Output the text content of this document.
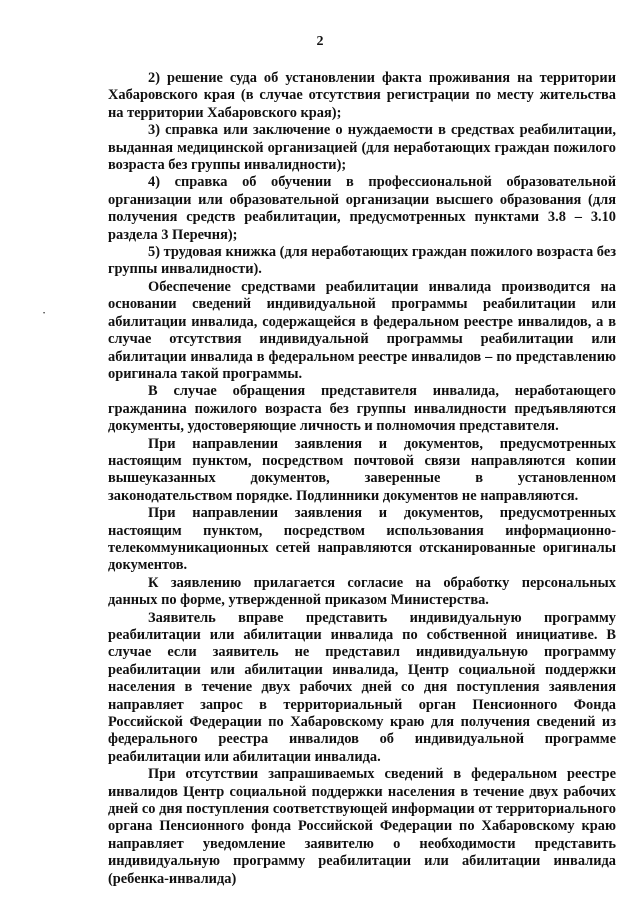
2
·

2) решение суда об установлении факта проживания на территории Хабаровского края (в случае отсутствия регистрации по месту жительства на территории Хабаровского края);

3) справка или заключение о нуждаемости в средствах реабилитации, выданная медицинской организацией (для неработающих граждан пожилого возраста без группы инвалидности);

4) справка об обучении в профессиональной образовательной организации или образовательной организации высшего образования (для получения средств реабилитации, предусмотренных пунктами 3.8 – 3.10 раздела 3 Перечня);

5) трудовая книжка (для неработающих граждан пожилого возраста без группы инвалидности).

Обеспечение средствами реабилитации инвалида производится на основании сведений индивидуальной программы реабилитации или абилитации инвалида, содержащейся в федеральном реестре инвалидов, а в случае отсутствия индивидуальной программы реабилитации или абилитации инвалида в федеральном реестре инвалидов – по представлению оригинала такой программы.

В случае обращения представителя инвалида, неработающего гражданина пожилого возраста без группы инвалидности предъявляются документы, удостоверяющие личность и полномочия представителя.

При направлении заявления и документов, предусмотренных настоящим пунктом, посредством почтовой связи направляются копии вышеуказанных документов, заверенные в установленном законодательством порядке. Подлинники документов не направляются.

При направлении заявления и документов, предусмотренных настоящим пунктом, посредством использования информационно-телекоммуникационных сетей направляются отсканированные оригиналы документов.

К заявлению прилагается согласие на обработку персональных данных по форме, утвержденной приказом Министерства.

Заявитель вправе представить индивидуальную программу реабилитации или абилитации инвалида по собственной инициативе. В случае если заявитель не представил индивидуальную программу реабилитации или абилитации инвалида, Центр социальной поддержки населения в течение двух рабочих дней со дня поступления заявления направляет запрос в территориальный орган Пенсионного Фонда Российской Федерации по Хабаровскому краю для получения сведений из федерального реестра инвалидов об индивидуальной программе реабилитации или абилитации инвалида.

При отсутствии запрашиваемых сведений в федеральном реестре инвалидов Центр социальной поддержки населения в течение двух рабочих дней со дня поступления соответствующей информации от территориального органа Пенсионного фонда Российской Федерации по Хабаровскому краю направляет уведомление заявителю о необходимости представить индивидуальную программу реабилитации или абилитации инвалида (ребенка-инвалида)
